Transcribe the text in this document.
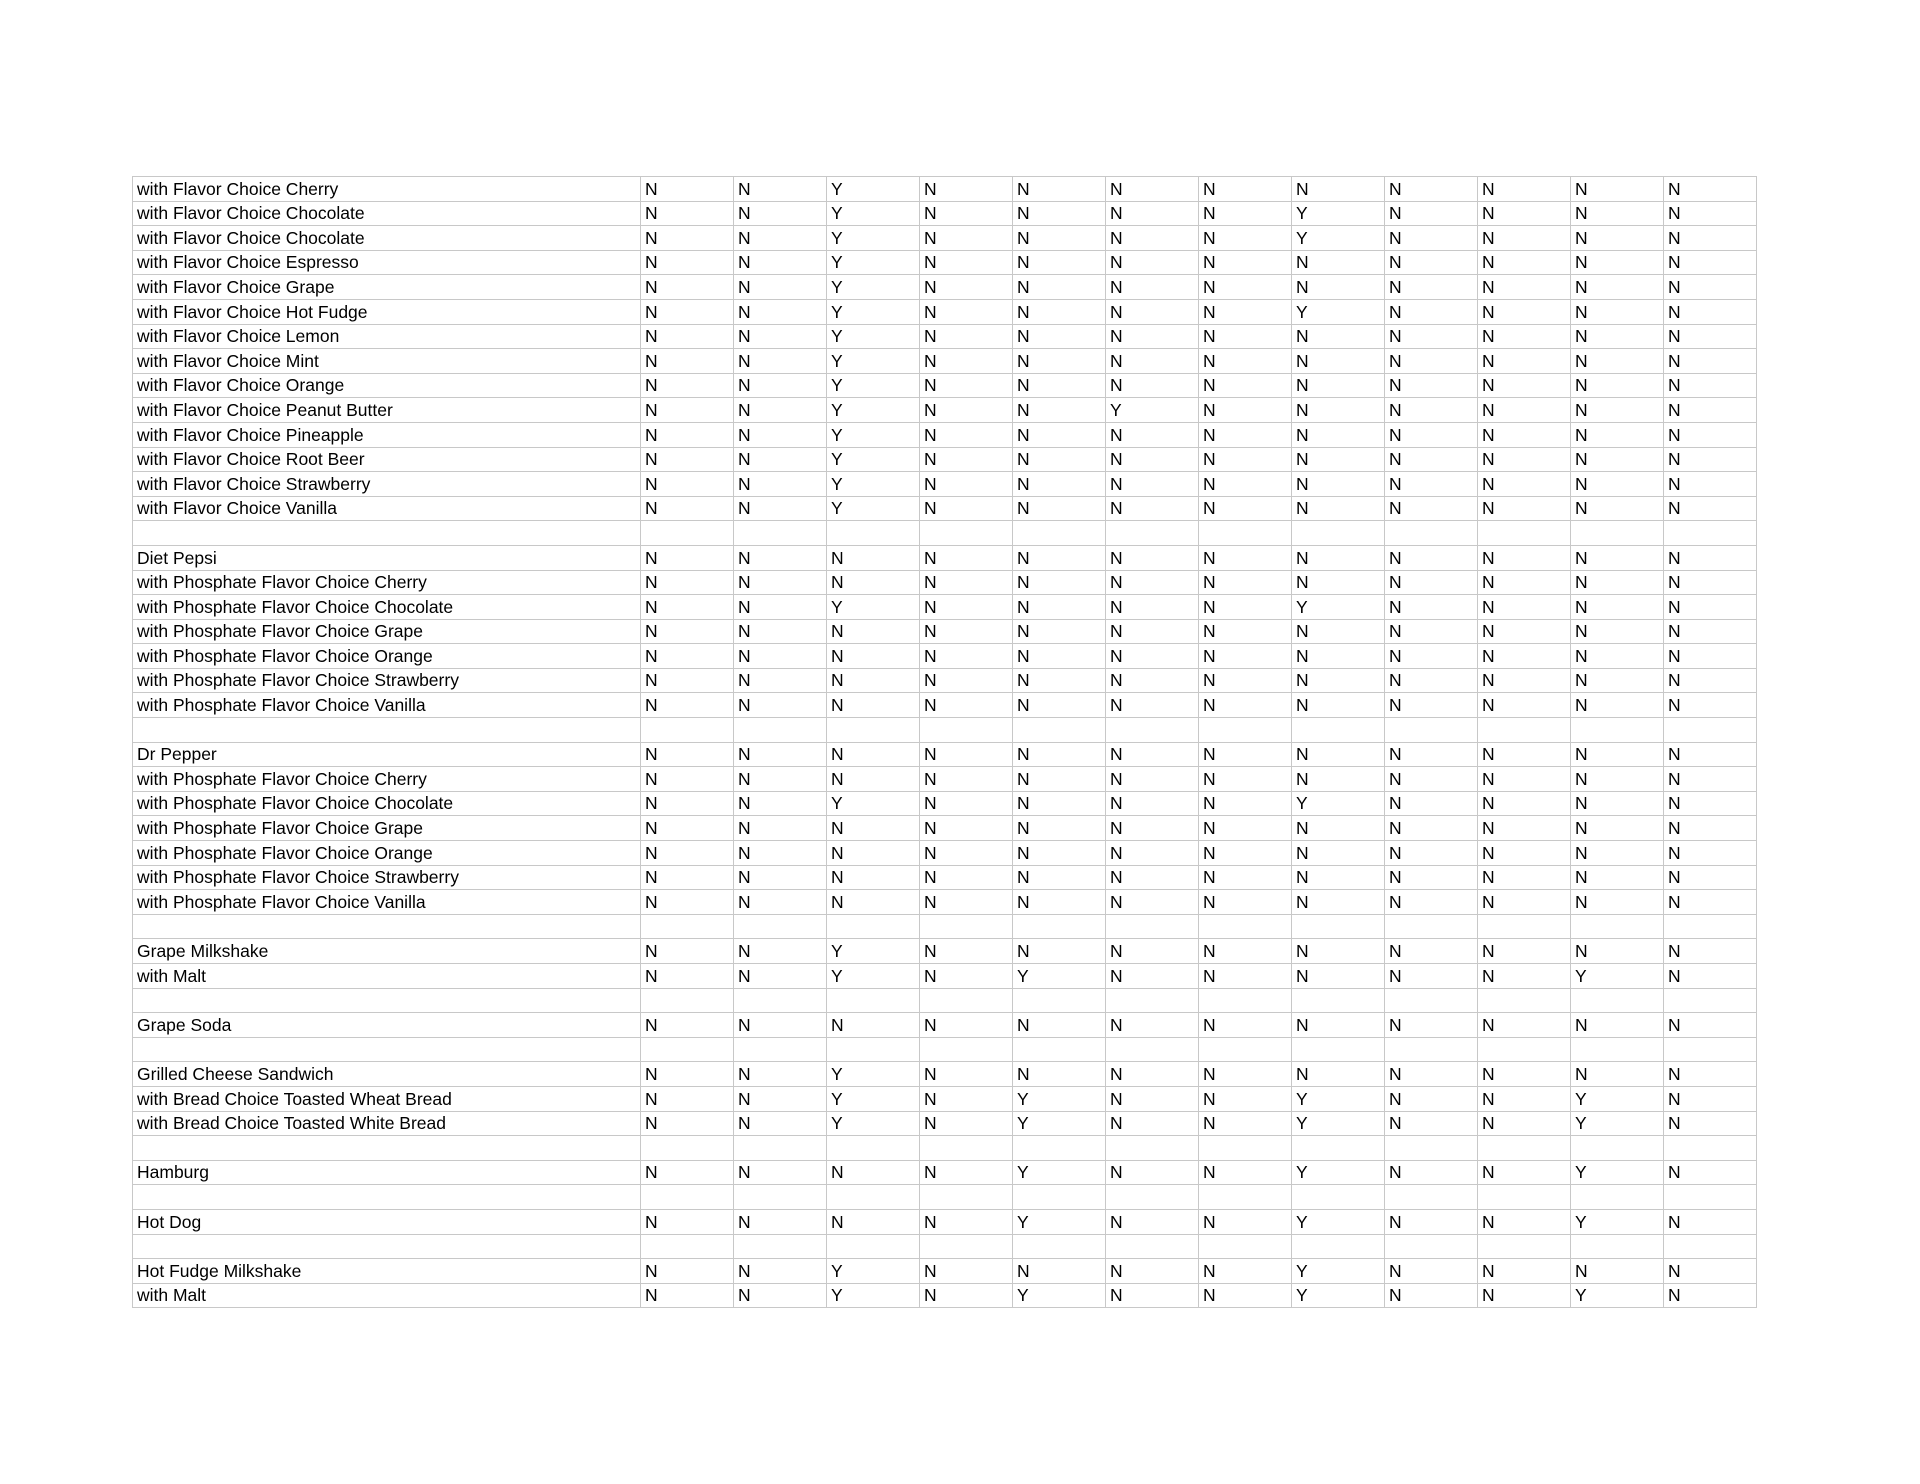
with Flavor Choice Cherry	N	N	Y	N	N	N	N	N	N	N	N	N
with Flavor Choice Chocolate	N	N	Y	N	N	N	N	Y	N	N	N	N
with Flavor Choice Chocolate	N	N	Y	N	N	N	N	Y	N	N	N	N
with Flavor Choice Espresso	N	N	Y	N	N	N	N	N	N	N	N	N
with Flavor Choice Grape	N	N	Y	N	N	N	N	N	N	N	N	N
with Flavor Choice Hot Fudge	N	N	Y	N	N	N	N	Y	N	N	N	N
with Flavor Choice Lemon	N	N	Y	N	N	N	N	N	N	N	N	N
with Flavor Choice Mint	N	N	Y	N	N	N	N	N	N	N	N	N
with Flavor Choice Orange	N	N	Y	N	N	N	N	N	N	N	N	N
with Flavor Choice Peanut Butter	N	N	Y	N	N	Y	N	N	N	N	N	N
with Flavor Choice Pineapple	N	N	Y	N	N	N	N	N	N	N	N	N
with Flavor Choice Root Beer	N	N	Y	N	N	N	N	N	N	N	N	N
with Flavor Choice Strawberry	N	N	Y	N	N	N	N	N	N	N	N	N
with Flavor Choice Vanilla	N	N	Y	N	N	N	N	N	N	N	N	N

Diet Pepsi	N	N	N	N	N	N	N	N	N	N	N	N
with Phosphate Flavor Choice Cherry	N	N	N	N	N	N	N	N	N	N	N	N
with Phosphate Flavor Choice Chocolate	N	N	Y	N	N	N	N	Y	N	N	N	N
with Phosphate Flavor Choice Grape	N	N	N	N	N	N	N	N	N	N	N	N
with Phosphate Flavor Choice Orange	N	N	N	N	N	N	N	N	N	N	N	N
with Phosphate Flavor Choice Strawberry	N	N	N	N	N	N	N	N	N	N	N	N
with Phosphate Flavor Choice Vanilla	N	N	N	N	N	N	N	N	N	N	N	N

Dr Pepper	N	N	N	N	N	N	N	N	N	N	N	N
with Phosphate Flavor Choice Cherry	N	N	N	N	N	N	N	N	N	N	N	N
with Phosphate Flavor Choice Chocolate	N	N	Y	N	N	N	N	Y	N	N	N	N
with Phosphate Flavor Choice Grape	N	N	N	N	N	N	N	N	N	N	N	N
with Phosphate Flavor Choice Orange	N	N	N	N	N	N	N	N	N	N	N	N
with Phosphate Flavor Choice Strawberry	N	N	N	N	N	N	N	N	N	N	N	N
with Phosphate Flavor Choice Vanilla	N	N	N	N	N	N	N	N	N	N	N	N

Grape Milkshake	N	N	Y	N	N	N	N	N	N	N	N	N
with Malt	N	N	Y	N	Y	N	N	N	N	N	Y	N

Grape Soda	N	N	N	N	N	N	N	N	N	N	N	N

Grilled Cheese Sandwich	N	N	Y	N	N	N	N	N	N	N	N	N
with Bread Choice Toasted Wheat Bread	N	N	Y	N	Y	N	N	Y	N	N	Y	N
with Bread Choice Toasted White Bread	N	N	Y	N	Y	N	N	Y	N	N	Y	N

Hamburg	N	N	N	N	Y	N	N	Y	N	N	Y	N

Hot Dog	N	N	N	N	Y	N	N	Y	N	N	Y	N

Hot Fudge Milkshake	N	N	Y	N	N	N	N	Y	N	N	N	N
with Malt	N	N	Y	N	Y	N	N	Y	N	N	Y	N
